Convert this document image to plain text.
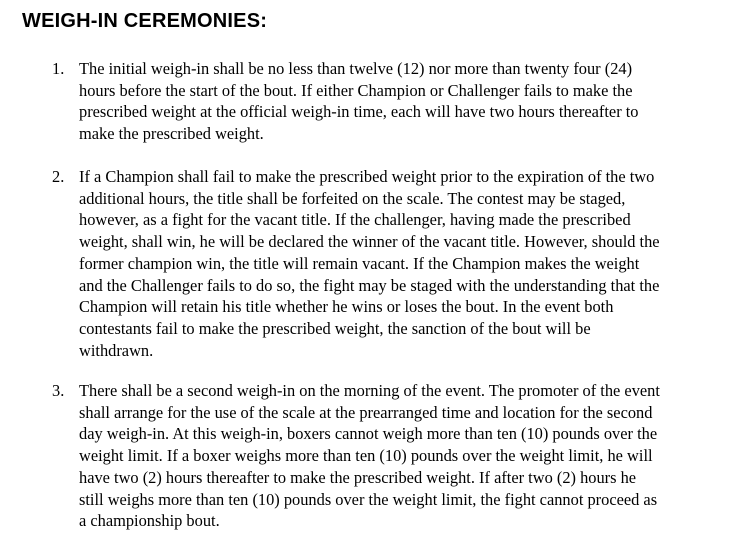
WEIGH-IN CEREMONIES:
1. The initial weigh-in shall be no less than twelve (12) nor more than twenty four (24)
hours before the start of the bout. If either Champion or Challenger fails to make the
prescribed weight at the official weigh-in time, each will have two hours thereafter to
make the prescribed weight.
2. If a Champion shall fail to make the prescribed weight prior to the expiration of the two
additional hours, the title shall be forfeited on the scale. The contest may be staged,
however, as a fight for the vacant title. If the challenger, having made the prescribed
weight, shall win, he will be declared the winner of the vacant title. However, should the
former champion win, the title will remain vacant. If the Champion makes the weight
and the Challenger fails to do so, the fight may be staged with the understanding that the
Champion will retain his title whether he wins or loses the bout. In the event both
contestants fail to make the prescribed weight, the sanction of the bout will be
withdrawn.
3. There shall be a second weigh-in on the morning of the event. The promoter of the event
shall arrange for the use of the scale at the prearranged time and location for the second
day weigh-in. At this weigh-in, boxers cannot weigh more than ten (10) pounds over the
weight limit. If a boxer weighs more than ten (10) pounds over the weight limit, he will
have two (2) hours thereafter to make the prescribed weight. If after two (2) hours he
still weighs more than ten (10) pounds over the weight limit, the fight cannot proceed as
a championship bout.
